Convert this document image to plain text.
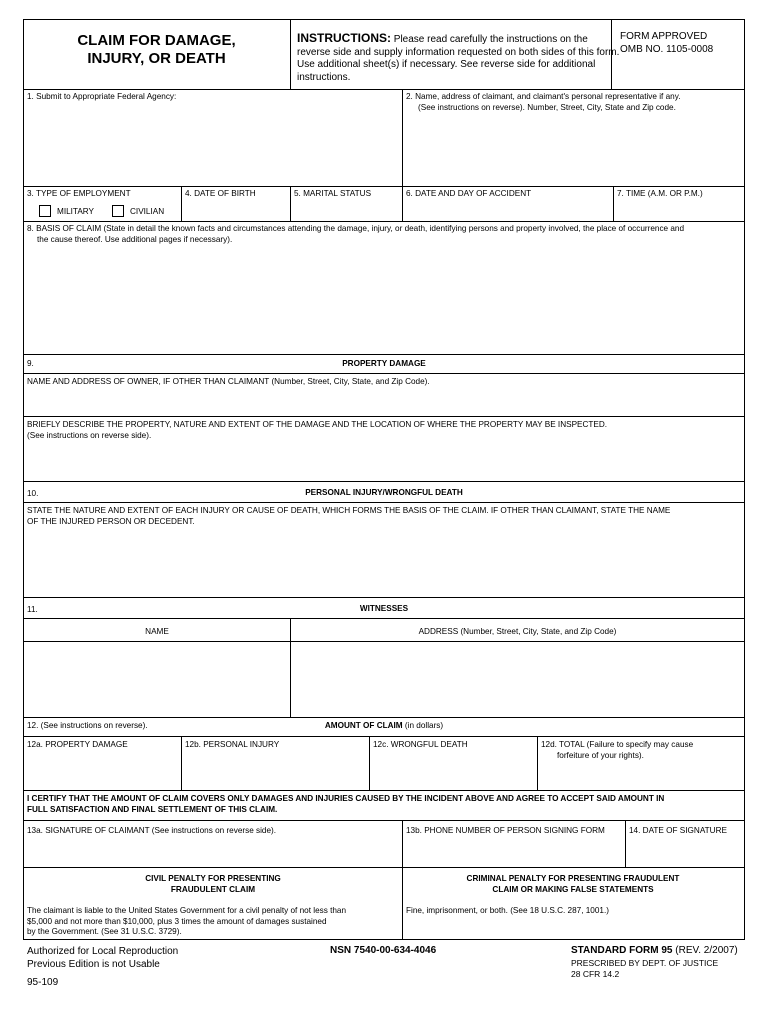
CLAIM FOR DAMAGE,
INJURY, OR DEATH
INSTRUCTIONS: Please read carefully the instructions on the reverse side and supply information requested on both sides of this form. Use additional sheet(s) if necessary. See reverse side for additional instructions.
FORM APPROVED
OMB NO. 1105-0008
1. Submit to Appropriate Federal Agency:	2. Name, address of claimant, and claimant's personal representative if any.
(See instructions on reverse). Number, Street, City, State and Zip code.
3. TYPE OF EMPLOYMENT
MILITARY	CIVILIAN
4. DATE OF BIRTH	5. MARITAL STATUS	6. DATE AND DAY OF ACCIDENT	7. TIME (A.M. OR P.M.)
8. BASIS OF CLAIM (State in detail the known facts and circumstances attending the damage, injury, or death, identifying persons and property involved, the place of occurrence and
the cause thereof. Use additional pages if necessary).
9.	PROPERTY DAMAGE
NAME AND ADDRESS OF OWNER, IF OTHER THAN CLAIMANT (Number, Street, City, State, and Zip Code).
BRIEFLY DESCRIBE THE PROPERTY, NATURE AND EXTENT OF THE DAMAGE AND THE LOCATION OF WHERE THE PROPERTY MAY BE INSPECTED.
(See instructions on reverse side).
10.	PERSONAL INJURY/WRONGFUL DEATH
STATE THE NATURE AND EXTENT OF EACH INJURY OR CAUSE OF DEATH, WHICH FORMS THE BASIS OF THE CLAIM. IF OTHER THAN CLAIMANT, STATE THE NAME
OF THE INJURED PERSON OR DECEDENT.
11.	WITNESSES
NAME	ADDRESS (Number, Street, City, State, and Zip Code)
12. (See instructions on reverse).	AMOUNT OF CLAIM (in dollars)
12a. PROPERTY DAMAGE	12b. PERSONAL INJURY	12c. WRONGFUL DEATH	12d. TOTAL (Failure to specify may cause
forfeiture of your rights).
I CERTIFY THAT THE AMOUNT OF CLAIM COVERS ONLY DAMAGES AND INJURIES CAUSED BY THE INCIDENT ABOVE AND AGREE TO ACCEPT SAID AMOUNT IN
FULL SATISFACTION AND FINAL SETTLEMENT OF THIS CLAIM.
13a. SIGNATURE OF CLAIMANT (See instructions on reverse side).	13b. PHONE NUMBER OF PERSON SIGNING FORM	14. DATE OF SIGNATURE
CIVIL PENALTY FOR PRESENTING
FRAUDULENT CLAIM
The claimant is liable to the United States Government for a civil penalty of not less than
$5,000 and not more than $10,000, plus 3 times the amount of damages sustained
by the Government. (See 31 U.S.C. 3729).
CRIMINAL PENALTY FOR PRESENTING FRAUDULENT
CLAIM OR MAKING FALSE STATEMENTS
Fine, imprisonment, or both. (See 18 U.S.C. 287, 1001.)
Authorized for Local Reproduction
Previous Edition is not Usable
95-109
NSN 7540-00-634-4046	STANDARD FORM 95 (REV. 2/2007)
PRESCRIBED BY DEPT. OF JUSTICE
28 CFR 14.2
